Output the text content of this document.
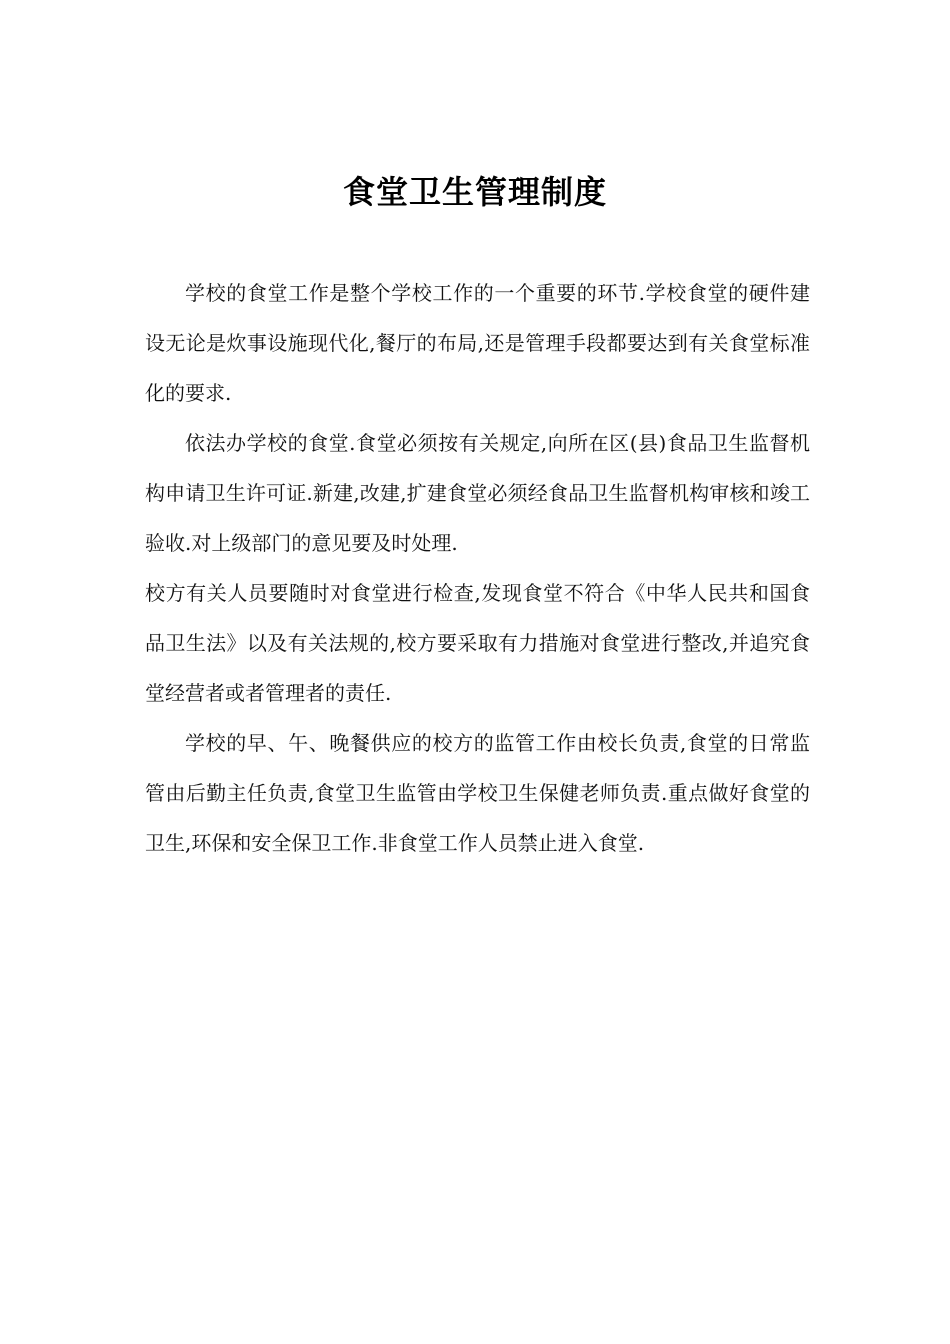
食堂卫生管理制度

学校的食堂工作是整个学校工作的一个重要的环节.学校食堂的硬件建设无论是炊事设施现代化,餐厅的布局,还是管理手段都要达到有关食堂标准化的要求.

依法办学校的食堂.食堂必须按有关规定,向所在区(县)食品卫生监督机构申请卫生许可证.新建,改建,扩建食堂必须经食品卫生监督机构审核和竣工验收.对上级部门的意见要及时处理.

校方有关人员要随时对食堂进行检查,发现食堂不符合《中华人民共和国食品卫生法》以及有关法规的,校方要采取有力措施对食堂进行整改,并追究食堂经营者或者管理者的责任.

学校的早、午、晚餐供应的校方的监管工作由校长负责,食堂的日常监管由后勤主任负责,食堂卫生监管由学校卫生保健老师负责.重点做好食堂的卫生,环保和安全保卫工作.非食堂工作人员禁止进入食堂.
